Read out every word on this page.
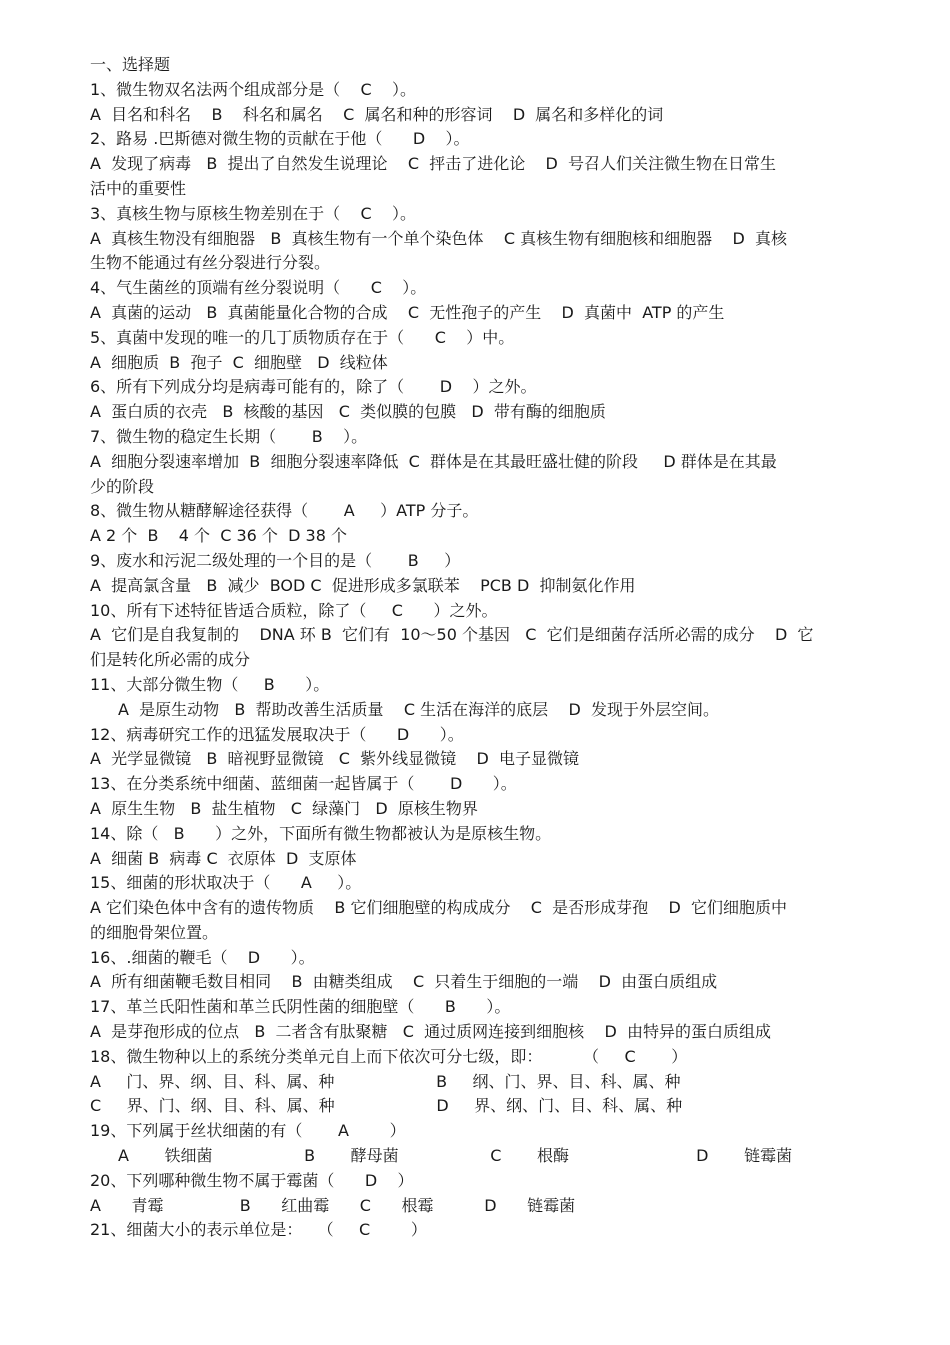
一、选择题
1、微生物双名法两个组成部分是（    C    ）。
A  目名和科名    B    科名和属名    C  属名和种的形容词    D  属名和多样化的词
2、路易 .巴斯德对微生物的贡献在于他（      D    ）。
A  发现了病毒   B  提出了自然发生说理论    C  抨击了进化论    D  号召人们关注微生物在日常生
活中的重要性
3、真核生物与原核生物差别在于（    C    ）。
A  真核生物没有细胞器   B  真核生物有一个单个染色体    C 真核生物有细胞核和细胞器    D  真核
生物不能通过有丝分裂进行分裂。
4、气生菌丝的顶端有丝分裂说明（      C    ）。
A  真菌的运动   B  真菌能量化合物的合成    C  无性孢子的产生    D  真菌中  ATP 的产生
5、真菌中发现的唯一的几丁质物质存在于（      C    ）中。
A  细胞质  B  孢子  C  细胞壁   D  线粒体
6、所有下列成分均是病毒可能有的，除了（       D    ）之外。
A  蛋白质的衣壳   B  核酸的基因   C  类似膜的包膜   D  带有酶的细胞质
7、微生物的稳定生长期（       B    ）。
A  细胞分裂速率增加  B  细胞分裂速率降低  C  群体是在其最旺盛壮健的阶段     D 群体是在其最
少的阶段
8、微生物从糖酵解途径获得（       A     ）ATP 分子。
A 2 个  B    4 个  C 36 个  D 38 个
9、废水和污泥二级处理的一个目的是（       B     ）
A  提高氯含量   B  减少  BOD C  促进形成多氯联苯    PCB D  抑制氨化作用
10、所有下述特征皆适合质粒，除了（     C      ）之外。
A  它们是自我复制的    DNA 环 B  它们有  10～50 个基因   C  它们是细菌存活所必需的成分    D  它
们是转化所必需的成分
11、大部分微生物（     B      ）。
A  是原生动物   B  帮助改善生活质量    C 生活在海洋的底层    D  发现于外层空间。
12、病毒研究工作的迅猛发展取决于（      D      ）。
A  光学显微镜   B  暗视野显微镜   C  紫外线显微镜    D  电子显微镜
13、在分类系统中细菌、蓝细菌一起皆属于（       D      ）。
A  原生生物   B  盐生植物   C  绿藻门   D  原核生物界
14、除（   B      ）之外，下面所有微生物都被认为是原核生物。
A  细菌 B  病毒 C  衣原体  D  支原体
15、细菌的形状取决于（      A     ）。
A 它们染色体中含有的遗传物质    B 它们细胞壁的构成成分    C  是否形成芽孢    D  它们细胞质中
的细胞骨架位置。
16、.细菌的鞭毛（    D      ）。
A  所有细菌鞭毛数目相同    B  由糖类组成    C  只着生于细胞的一端    D  由蛋白质组成
17、革兰氏阳性菌和革兰氏阴性菌的细胞壁（      B      ）。
A  是芽孢形成的位点   B  二者含有肽聚糖   C  通过质网连接到细胞核    D  由特异的蛋白质组成
18、微生物种以上的系统分类单元自上而下依次可分七级，即：        （     C       ）
A     门、界、纲、目、科、属、种                    B     纲、门、界、目、科、属、种
C     界、门、纲、目、科、属、种                    D     界、纲、门、目、科、属、种
19、下列属于丝状细菌的有（       A        ）
A       铁细菌                  B       酵母菌                  C       根酶                         D       链霉菌
20、下列哪种微生物不属于霉菌（      D    ）
A      青霉               B      红曲霉      C      根霉          D      链霉菌
21、细菌大小的表示单位是：   （     C        ）
